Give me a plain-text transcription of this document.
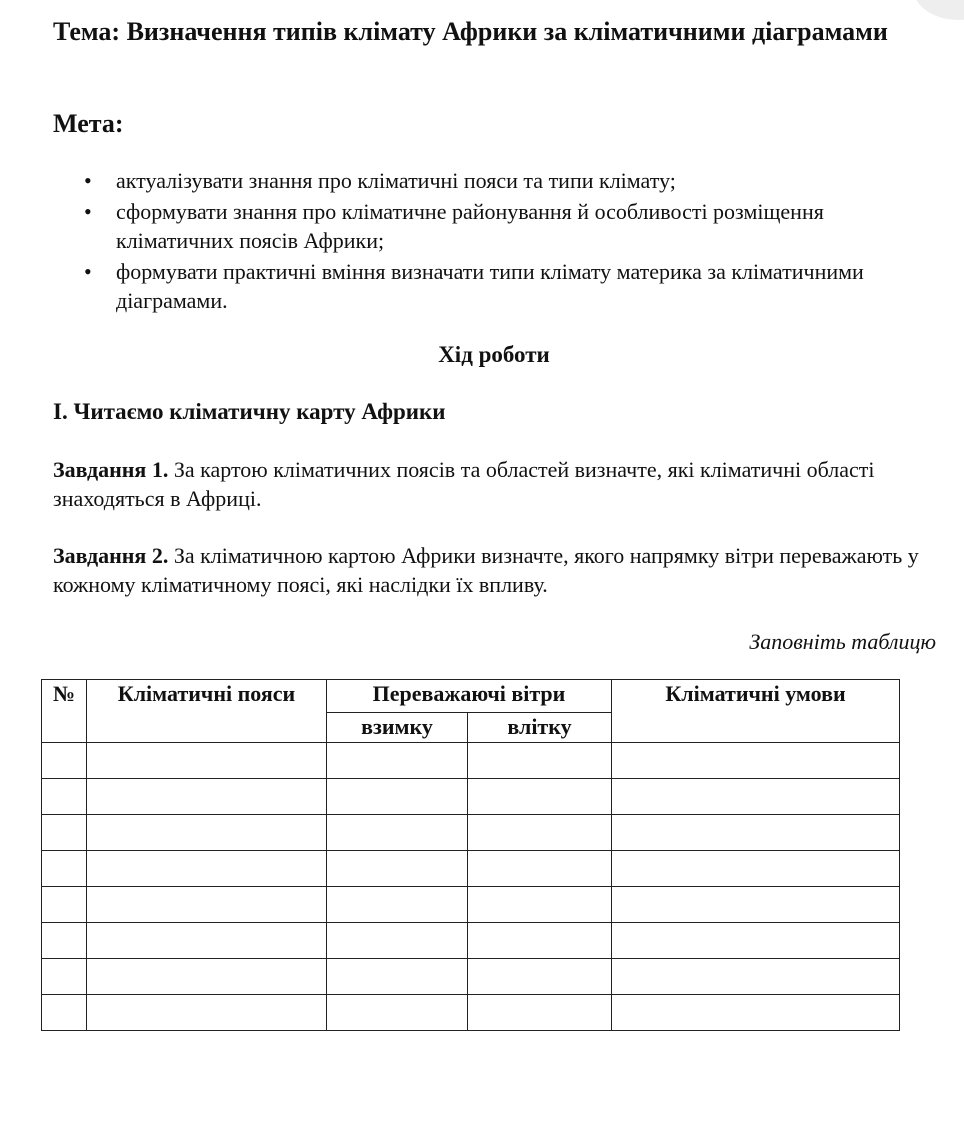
Тема: Визначення типів клімату Африки за кліматичними діаграмами
Мета:
• актуалізувати знання про кліматичні пояси та типи клімату;
• сформувати знання про кліматичне районування й особливості розміщення кліматичних поясів Африки;
• формувати практичні вміння визначати типи клімату материка за кліматичними діаграмами.
Хід роботи
I. Читаємо кліматичну карту Африки

Завдання 1. За картою кліматичних поясів та областей визначте, які кліматичні області знаходяться в Африці.

Завдання 2. За кліматичною картою Африки визначте, якого напрямку вітри переважають у кожному кліматичному поясі, які наслідки їх впливу.

Заповніть таблицю

№	Кліматичні пояси	Переважаючі вітри		Кліматичні умови
		взимку	влітку	
